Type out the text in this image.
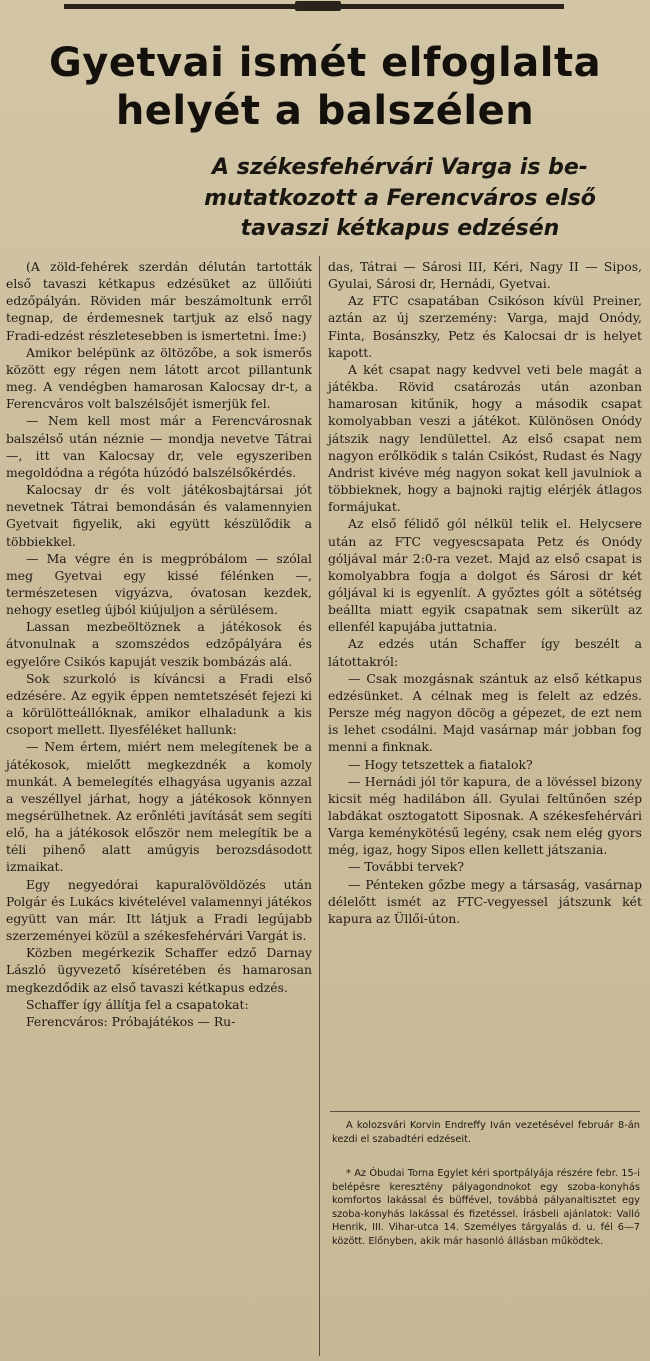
Gyetvai ismét elfoglalta
helyét a balszélen
A székesfehérvári Varga is be-
mutatkozott a Ferencváros első
tavaszi kétkapus edzésén

(A zöld-fehérek szerdán délután tartották első tavaszi kétkapus edzésüket az üllőiúti edzőpályán. Röviden már beszámoltunk erről tegnap, de érdemesnek tartjuk az első nagy Fradi-edzést részletesebben is ismertetni. Íme:)

Amikor belépünk az öltözőbe, a sok ismerős között egy régen nem látott arcot pillantunk meg. A vendégben hamarosan Kalocsay dr-t, a Ferencváros volt balszélsőjét ismerjük fel.

— Nem kell most már a Ferencvárosnak balszélső után néznie — mondja nevetve Tátrai —, itt van Kalocsay dr, vele egyszeriben megoldódna a régóta húzódó balszélsőkérdés.

Kalocsay dr és volt játékosbajtársai jót nevetnek Tátrai bemondásán és valamennyien Gyetvait figyelik, aki együtt készülődik a többiekkel.

— Ma végre én is megpróbálom — szólal meg Gyetvai egy kissé félénken —, természetesen vigyázva, óvatosan kezdek, nehogy esetleg újból kiújuljon a sérülésem.

Lassan mezbeöltöznek a játékosok és átvonulnak a szomszédos edzőpályára és egyelőre Csikós kapuját veszik bombázás alá.

Sok szurkoló is kíváncsi a Fradi első edzésére. Az egyik éppen nemtetszését fejezi ki a körülötteállóknak, amikor elhaladunk a kis csoport mellett. Ilyesféléket hallunk:

— Nem értem, miért nem melegítenek be a játékosok, mielőtt megkezdnék a komoly munkát. A bemelegítés elhagyása ugyanis azzal a veszéllyel járhat, hogy a játékosok könnyen megsérülhetnek. Az erőnléti javítását sem segíti elő, ha a játékosok először nem melegítik be a téli pihenő alatt amúgyis berozsdásodott izmaikat.

Egy negyedórai kapuralövöldözés után Polgár és Lukács kivételével valamennyi játékos együtt van már. Itt látjuk a Fradi legújabb szerzeményei közül a székesfehérvári Vargát is.

Közben megérkezik Schaffer edző Darnay László ügyvezető kíséretében és hamarosan megkezdődik az első tavaszi kétkapus edzés.

Schaffer így állítja fel a csapatokat:

Ferencváros: Próbajátékos — Ru-

das, Tátrai — Sárosi III, Kéri, Nagy II — Sipos, Gyulai, Sárosi dr, Hernádi, Gyetvai.

Az FTC csapatában Csikóson kívül Preiner, aztán az új szerzemény: Varga, majd Onódy, Finta, Bosánszky, Petz és Kalocsai dr is helyet kapott.

A két csapat nagy kedvvel veti bele magát a játékba. Rövid csatározás után azonban hamarosan kitűnik, hogy a második csapat komolyabban veszi a játékot. Különösen Onódy játszik nagy lendülettel. Az első csapat nem nagyon erőlködik s talán Csikóst, Rudast és Nagy Andrist kivéve még nagyon sokat kell javulniok a többieknek, hogy a bajnoki rajtig elérjék átlagos formájukat.

Az első félidő gól nélkül telik el. Helycsere után az FTC vegyescsapata Petz és Onódy góljával már 2:0-ra vezet. Majd az első csapat is komolyabbra fogja a dolgot és Sárosi dr két góljával ki is egyenlít. A győztes gólt a sötétség beálltа miatt egyik csapatnak sem sikerült az ellenfél kapujába juttatnia.

Az edzés után Schaffer így beszélt a látottakról:

— Csak mozgásnak szántuk az első kétkapus edzésünket. A célnak meg is felelt az edzés. Persze még nagyon döcög a gépezet, de ezt nem is lehet csodálni. Majd vasárnap már jobban fog menni a finknak.

— Hogy tetszettek a fiatalok?

— Hernádi jól tör kapura, de a lövéssel bizony kicsit még hadilábon áll. Gyulai feltűnően szép labdákat osztogatott Siposnak. A székesfehérvári Varga keménykötésű legény, csak nem elég gyors még, igaz, hogy Sipos ellen kellett játszania.

— További tervek?

— Pénteken gőzbe megy a társaság, vasárnap délelőtt ismét az FTC-vegyessel játszunk két kapura az Üllői-úton.

A kolozsvári Korvin Endreffy Iván vezetésével február 8-án kezdi el szabadtéri edzéseit.

* Az Óbudai Torna Egylet kéri sportpályája részére febr. 15-i belépésre keresztény pályagondnokot egy szoba-konyhás komfortos lakással és büffével, továbbá pályanaltisztet egy szoba-konyhás lakással és fizetéssel. Írásbeli ajánlatok: Valló Henrik, III. Vihar-utca 14. Személyes tárgyalás d. u. fél 6—7 között. Előnyben, akik már hasonló állásban működtek.
